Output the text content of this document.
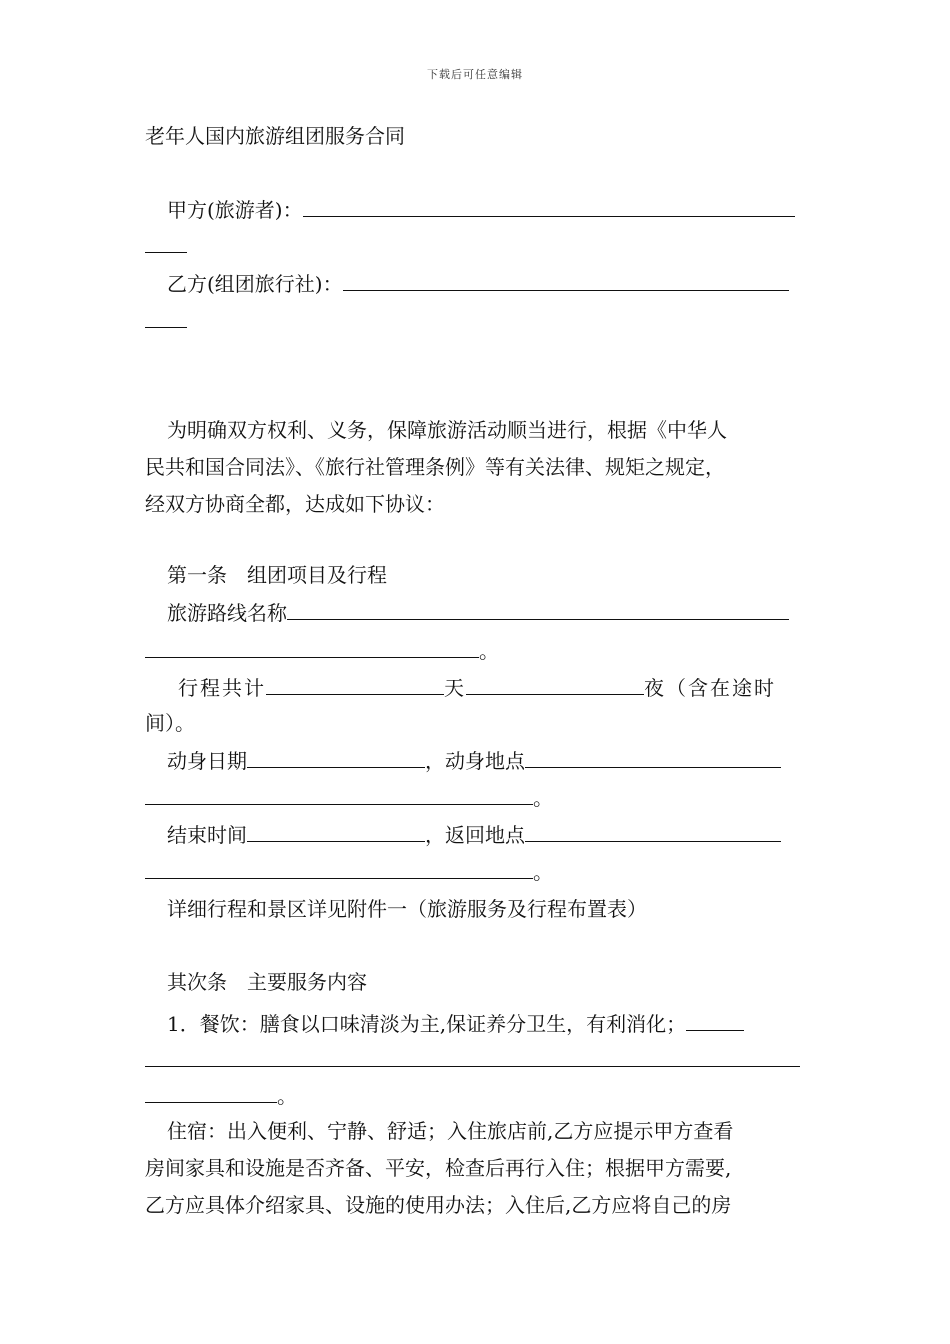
下载后可任意编辑
老年人国内旅游组团服务合同
甲方(旅游者)：
乙方(组团旅行社)：
为明确双方权利、义务，保障旅游活动顺当进行，根据《中华人
民共和国合同法》、《旅行社管理条例》等有关法律、规矩之规定，
经双方协商全都，达成如下协议：
第一条　组团项目及行程
旅游路线名称
。
行程共计	天	夜（含在途时
间）。
动身日期	，动身地点
。
结束时间	，返回地点
。
详细行程和景区详见附件一（旅游服务及行程布置表）
其次条　主要服务内容
1．餐饮：膳食以口味清淡为主,保证养分卫生，有利消化；
。
住宿：出入便利、宁静、舒适；入住旅店前,乙方应提示甲方查看
房间家具和设施是否齐备、平安，检查后再行入住；根据甲方需要,
乙方应具体介绍家具、设施的使用办法；入住后,乙方应将自己的房
